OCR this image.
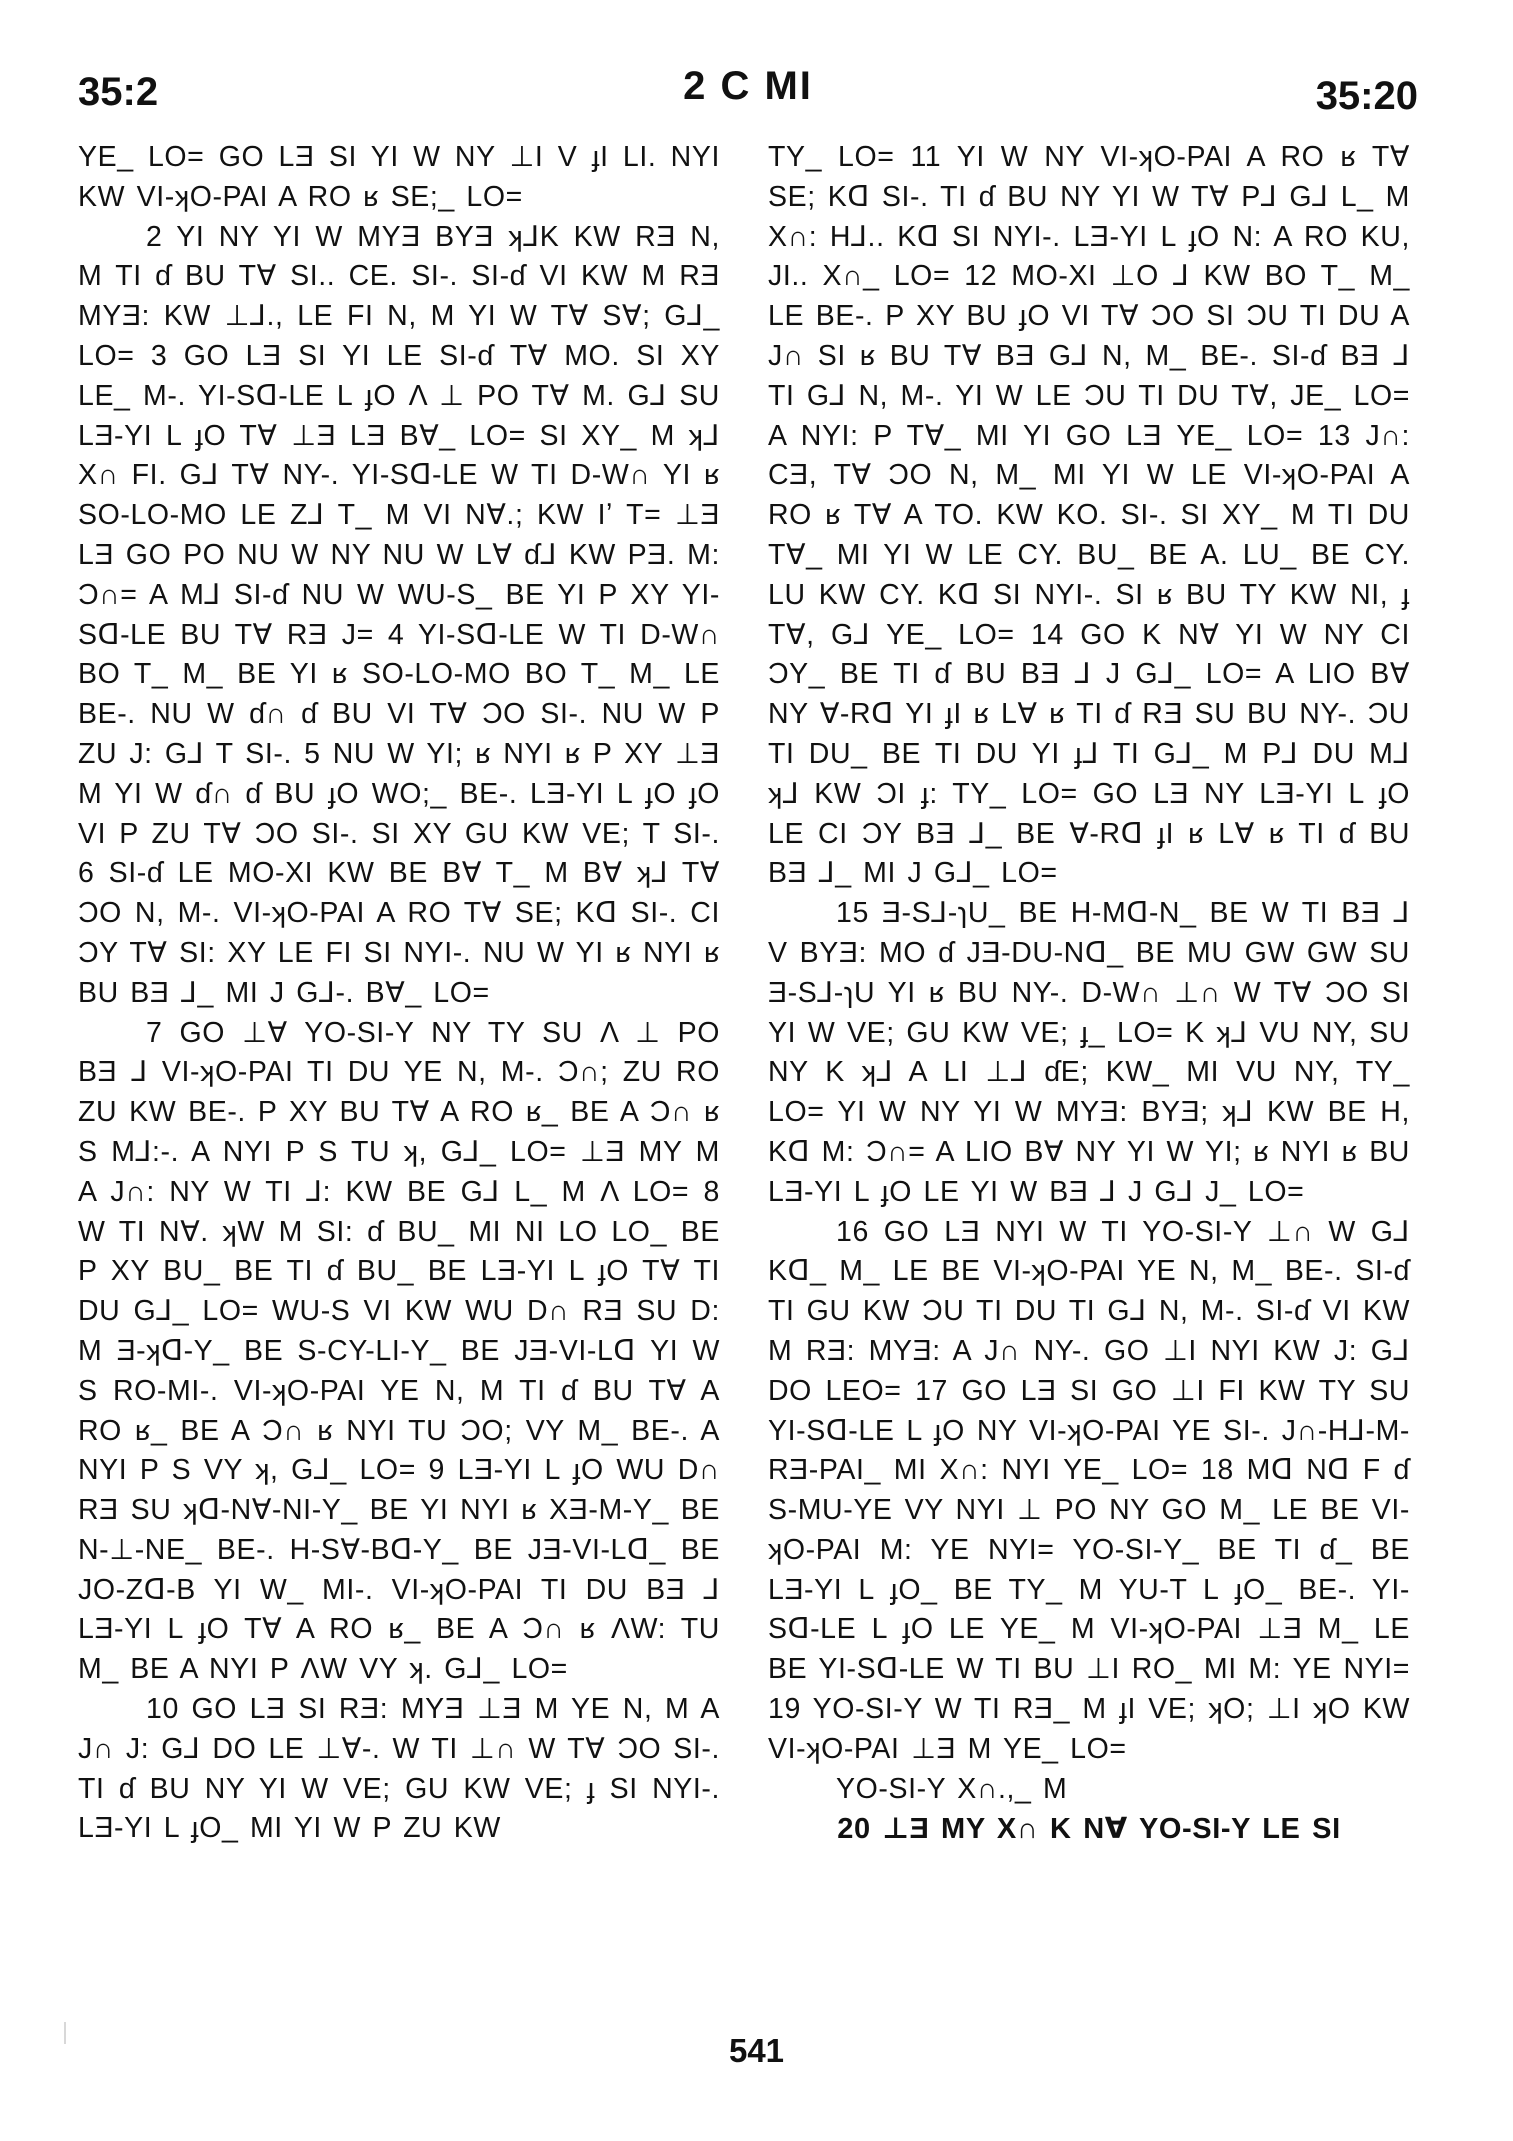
35:2	2 C MI	35:20

YE_ LO= GO LƎ SI YI W NY ⊥I V ɟI LI. NYI KW VI-ʞO-PAI A RO ʁ SE;_ LO=

2 YI NY YI W MYƎ BYƎ ʞ⅃K KW RƎ N, M TI ɗ BU T∀ SI.. CE. SI-. SI-ɗ VI KW M RƎ MYƎ: KW ⊥⅃., LE FI N, M YI W T∀ S∀; G⅃_ LO= 3 GO LƎ SI YI LE SI-ɗ T∀ MO. SI XY LE_ M-. YI-Sᗡ-LE L ɟO Λ ⊥ PO T∀ M. G⅃ SU LƎ-YI L ɟO T∀ ⊥Ǝ LƎ B∀_ LO= SI XY_ M ʞ⅃ X∩ FI. G⅃ T∀ NY-. YI-Sᗡ-LE W TI D-W∩ YI ʁ SO-LO-MO LE Z⅃ T_ M VI N∀.; KW Iʼ T= ⊥Ǝ LƎ GO PO NU W NY NU W L∀ ɗ⅃ KW PƎ. M: Ɔ∩= A M⅃ SI-ɗ NU W WU-S_ BE YI P XY YI-Sᗡ-LE BU T∀ RƎ J= 4 YI-Sᗡ-LE W TI D-W∩ BO T_ M_ BE YI ʁ SO-LO-MO BO T_ M_ LE BE-. NU W ɗ∩ ɗ BU VI T∀ ƆO SI-. NU W P ZU J: G⅃ T SI-. 5 NU W YI; ʁ NYI ʁ P XY ⊥Ǝ M YI W ɗ∩ ɗ BU ɟO WO;_ BE-. LƎ-YI L ɟO ɟO VI P ZU T∀ ƆO SI-. SI XY GU KW VE; T SI-. 6 SI-ɗ LE MO-XI KW BE B∀ T_ M B∀ ʞ⅃ T∀ ƆO N, M-. VI-ʞO-PAI A RO T∀ SE; Kᗡ SI-. CI ƆY T∀ SI: XY LE FI SI NYI-. NU W YI ʁ NYI ʁ BU BƎ ⅃_ MI J G⅃-. B∀_ LO=

7 GO ⊥∀ YO-SI-Y NY TY SU Λ ⊥ PO BƎ ⅃ VI-ʞO-PAI TI DU YE N, M-. Ɔ∩; ZU RO ZU KW BE-. P XY BU T∀ A RO ʁ_ BE A Ɔ∩ ʁ S M⅃:-. A NYI P S TU ʞ, G⅃_ LO= ⊥Ǝ MY M A J∩: NY W TI ⅃: KW BE G⅃ L_ M Λ LO= 8 W TI N∀. ʞW M SI: ɗ BU_ MI NI LO LO_ BE P XY BU_ BE TI ɗ BU_ BE LƎ-YI L ɟO T∀ TI DU G⅃_ LO= WU-S VI KW WU D∩ RƎ SU D: M Ǝ-ʞᗡ-Y_ BE S-CY-LI-Y_ BE JƎ-VI-Lᗡ YI W S RO-MI-. VI-ʞO-PAI YE N, M TI ɗ BU T∀ A RO ʁ_ BE A Ɔ∩ ʁ NYI TU ƆO; VY M_ BE-. A NYI P S VY ʞ, G⅃_ LO= 9 LƎ-YI L ɟO WU D∩ RƎ SU ʞᗡ-N∀-NI-Y_ BE YI NYI ʁ XƎ-M-Y_ BE N-⊥-NE_ BE-. H-S∀-Bᗡ-Y_ BE JƎ-VI-Lᗡ_ BE JO-Zᗡ-B YI W_ MI-. VI-ʞO-PAI TI DU BƎ ⅃ LƎ-YI L ɟO T∀ A RO ʁ_ BE A Ɔ∩ ʁ ΛW: TU M_ BE A NYI P ΛW VY ʞ. G⅃_ LO=

10 GO LƎ SI RƎ: MYƎ ⊥Ǝ M YE N, M A J∩ J: G⅃ DO LE ⊥∀-. W TI ⊥∩ W T∀ ƆO SI-. TI ɗ BU NY YI W VE; GU KW VE; ɟ SI NYI-. LƎ-YI L ɟO_ MI YI W P ZU KW

TY_ LO= 11 YI W NY VI-ʞO-PAI A RO ʁ T∀ SE; Kᗡ SI-. TI ɗ BU NY YI W T∀ P⅃ G⅃ L_ M X∩: H⅃.. Kᗡ SI NYI-. LƎ-YI L ɟO N: A RO KU, JI.. X∩_ LO= 12 MO-XI ⊥O ⅃ KW BO T_ M_ LE BE-. P XY BU ɟO VI T∀ ƆO SI ƆU TI DU A J∩ SI ʁ BU T∀ BƎ G⅃ N, M_ BE-. SI-ɗ BƎ ⅃ TI G⅃ N, M-. YI W LE ƆU TI DU T∀, JE_ LO= A NYI: P T∀_ MI YI GO LƎ YE_ LO= 13 J∩: CƎ, T∀ ƆO N, M_ MI YI W LE VI-ʞO-PAI A RO ʁ T∀ A TO. KW KO. SI-. SI XY_ M TI DU T∀_ MI YI W LE CY. BU_ BE A. LU_ BE CY. LU KW CY. Kᗡ SI NYI-. SI ʁ BU TY KW NI, ɟ T∀, G⅃ YE_ LO= 14 GO K N∀ YI W NY CI ƆY_ BE TI ɗ BU BƎ ⅃ J G⅃_ LO= A LIO B∀ NY ∀-Rᗡ YI ɟI ʁ L∀ ʁ TI ɗ RƎ SU BU NY-. ƆU TI DU_ BE TI DU YI ɟ⅃ TI G⅃_ M P⅃ DU M⅃ ʞ⅃ KW ƆI ɟ: TY_ LO= GO LƎ NY LƎ-YI L ɟO LE CI ƆY BƎ ⅃_ BE ∀-Rᗡ ɟI ʁ L∀ ʁ TI ɗ BU BƎ ⅃_ MI J G⅃_ LO=

15 Ǝ-S⅃-ɿU_ BE H-Mᗡ-N_ BE W TI BƎ ⅃ V BYƎ: MO ɗ JƎ-DU-Nᗡ_ BE MU GW GW SU Ǝ-S⅃-ɿU YI ʁ BU NY-. D-W∩ ⊥∩ W T∀ ƆO SI YI W VE; GU KW VE; ɟ_ LO= K ʞ⅃ VU NY, SU NY K ʞ⅃ A LI ⊥⅃ ɗE; KW_ MI VU NY, TY_ LO= YI W NY YI W MYƎ: BYƎ; ʞ⅃ KW BE H, Kᗡ M: Ɔ∩= A LIO B∀ NY YI W YI; ʁ NYI ʁ BU LƎ-YI L ɟO LE YI W BƎ ⅃ J G⅃ J_ LO=

16 GO LƎ NYI W TI YO-SI-Y ⊥∩ W G⅃ Kᗡ_ M_ LE BE VI-ʞO-PAI YE N, M_ BE-. SI-ɗ TI GU KW ƆU TI DU TI G⅃ N, M-. SI-ɗ VI KW M RƎ: MYƎ: A J∩ NY-. GO ⊥I NYI KW J: G⅃ DO LEO= 17 GO LƎ SI GO ⊥I FI KW TY SU YI-Sᗡ-LE L ɟO NY VI-ʞO-PAI YE SI-. J∩-H⅃-M-RƎ-PAI_ MI X∩: NYI YE_ LO= 18 Mᗡ Nᗡ F ɗ S-MU-YE VY NYI ⊥ PO NY GO M_ LE BE VI-ʞO-PAI M: YE NYI= YO-SI-Y_ BE TI ɗ_ BE LƎ-YI L ɟO_ BE TY_ M YU-T L ɟO_ BE-. YI-Sᗡ-LE L ɟO LE YE_ M VI-ʞO-PAI ⊥Ǝ M_ LE BE YI-Sᗡ-LE W TI BU ⊥I RO_ MI M: YE NYI= 19 YO-SI-Y W TI RƎ_ M ɟI VE; ʞO; ⊥I ʞO KW VI-ʞO-PAI ⊥Ǝ M YE_ LO=

YO-SI-Y X∩.,_ M

20 ⊥Ǝ MY X∩ K N∀ YO-SI-Y LE SI

541
